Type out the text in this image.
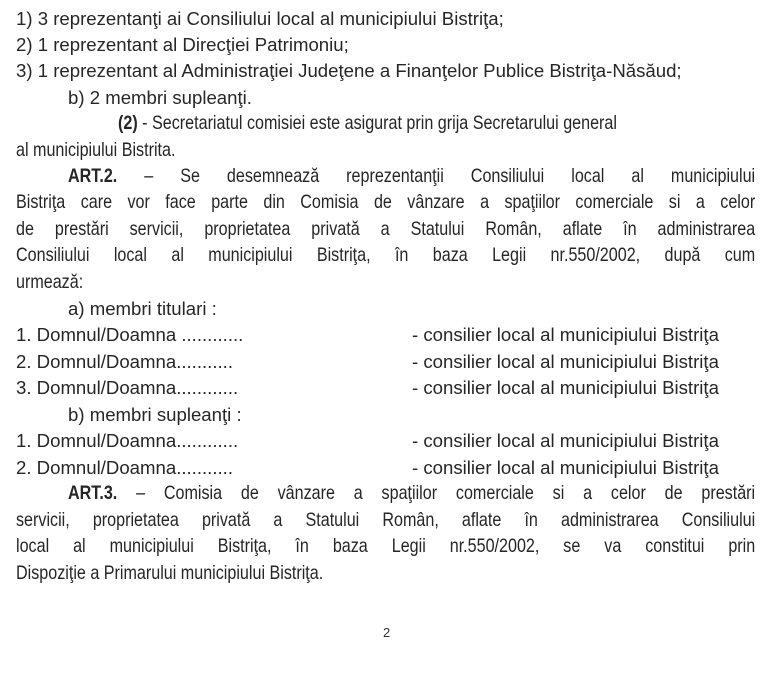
1) 3 reprezentanţi ai Consiliului local al municipiului Bistriţa;
2) 1 reprezentant al Direcţiei Patrimoniu;
3) 1 reprezentant al Administraţiei Judeţene a Finanţelor Publice Bistriţa-Năsăud;
b) 2 membri supleanţi.
(2) - Secretariatul comisiei este asigurat prin grija Secretarului general
al municipiului Bistrita.
ART.2. – Se desemnează reprezentanţii Consiliului local al municipiului
Bistriţa care vor face parte din Comisia de vânzare a spaţiilor comerciale si a celor
de prestări servicii, proprietatea privată a Statului Român, aflate în administrarea
Consiliului local al municipiului Bistriţa, în baza Legii nr.550/2002, după cum
urmează:
a) membri titulari :
1. Domnul/Doamna ............	- consilier local al municipiului Bistriţa
2. Domnul/Doamna...........	- consilier local al municipiului Bistriţa
3. Domnul/Doamna............	- consilier local al municipiului Bistriţa
b) membri supleanţi :
1. Domnul/Doamna............	- consilier local al municipiului Bistriţa
2. Domnul/Doamna...........	- consilier local al municipiului Bistriţa
ART.3. – Comisia de vânzare a spaţiilor comerciale si a celor de prestări
servicii, proprietatea privată a Statului Român, aflate în administrarea Consiliului
local al municipiului Bistriţa, în baza Legii nr.550/2002, se va constitui prin
Dispoziţie a Primarului municipiului Bistriţa.
2
